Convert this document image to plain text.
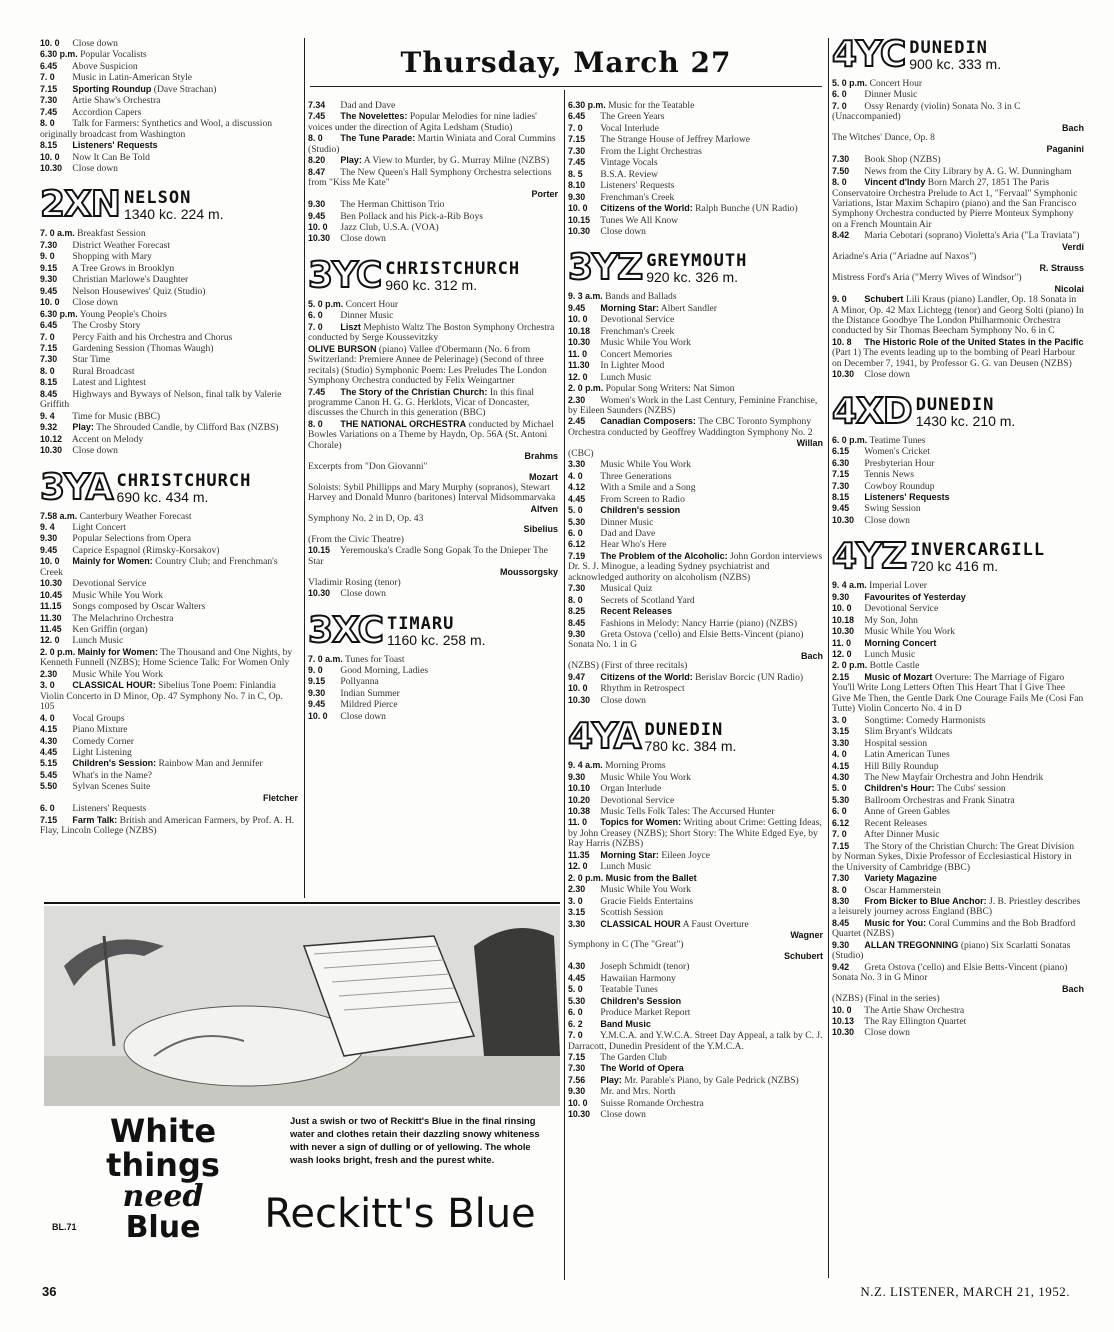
Thursday, March 27
10. 0 Close down
6.30 p.m. Popular Vocalists
6.45 Above Suspicion
7. 0 Music in Latin-American Style
7.15 Sporting Roundup (Dave Strachan)
7.30 Artie Shaw's Orchestra
7.45 Accordion Capers
8. 0 Talk for Farmers: Synthetics and Wool, a discussion originally broadcast from Washington
8.15 Listeners' Requests
10. 0 Now It Can Be Told
10.30 Close down
2XN NELSON
1340 kc. 224 m.
7. 0 a.m. Breakfast Session
7.30 District Weather Forecast
9. 0 Shopping with Mary
9.15 A Tree Grows in Brooklyn
9.30 Christian Marlowe's Daughter
9.45 Nelson Housewives' Quiz (Studio)
10. 0 Close down
6.30 p.m. Young People's Choirs
6.45 The Crosby Story
7. 0 Percy Faith and his Orchestra and Chorus
7.15 Gardening Session (Thomas Waugh)
7.30 Star Time
8. 0 Rural Broadcast
8.15 Latest and Lightest
8.45 Highways and Byways of Nelson, final talk by Valerie Griffith
9. 4 Time for Music (BBC)
9.32 Play: The Shrouded Candle, by Clifford Bax (NZBS)
10.12 Accent on Melody
10.30 Close down
3YA CHRISTCHURCH
690 kc. 434 m.
7.58 a.m. Canterbury Weather Forecast
9. 4 Light Concert
9.30 Popular Selections from Opera
9.45 Caprice Espagnol (Rimsky-Korsakov)
10. 0 Mainly for Women: Country Club; and Frenchman's Creek
10.30 Devotional Service
10.45 Music While You Work
11.15 Songs composed by Oscar Walters
11.30 The Melachrino Orchestra
11.45 Ken Griffin (organ)
12. 0 Lunch Music
2. 0 p.m. Mainly for Women: The Thousand and One Nights, by Kenneth Funnell (NZBS); Home Science Talk: For Women Only
2.30 Music While You Work
3. 0 CLASSICAL HOUR: Sibelius Tone Poem: Finlandia Violin Concerto in D Minor, Op. 47 Symphony No. 7 in C, Op. 105
4. 0 Vocal Groups
4.15 Piano Mixture
4.30 Comedy Corner
4.45 Light Listening
5.15 Children's Session: Rainbow Man and Jennifer
5.45 What's in the Name?
5.50 Sylvan Scenes Suite
Fletcher
6. 0 Listeners' Requests
7.15 Farm Talk: British and American Farmers, by Prof. A. H. Flay, Lincoln College (NZBS)
7.34 Dad and Dave
7.45 The Novelettes: Popular Melodies for nine ladies' voices under the direction of Agita Ledsham (Studio)
8. 0 The Tune Parade: Martin Winiata and Coral Cummins (Studio)
8.20 Play: A View to Murder, by G. Murray Milne (NZBS)
8.47 The New Queen's Hall Symphony Orchestra selections from "Kiss Me Kate"
Porter
9.30 The Herman Chittison Trio
9.45 Ben Pollack and his Pick-a-Rib Boys
10. 0 Jazz Club, U.S.A. (VOA)
10.30 Close down
3YC CHRISTCHURCH
960 kc. 312 m.
5. 0 p.m. Concert Hour
6. 0 Dinner Music
7. 0 Liszt Mephisto Waltz The Boston Symphony Orchestra conducted by Serge Koussevitzky
OLIVE BURSON (piano) Vallee d'Obermann (No. 6 from Switzerland: Premiere Annee de Pelerinage) (Second of three recitals) (Studio) Symphonic Poem: Les Preludes The London Symphony Orchestra conducted by Felix Weingartner
7.45 The Story of the Christian Church: In this final programme Canon H. G. G. Herklots, Vicar of Doncaster, discusses the Church in this generation (BBC)
8. 0 THE NATIONAL ORCHESTRA conducted by Michael Bowles Variations on a Theme by Haydn, Op. 56A (St. Antoni Chorale)
Brahms
Excerpts from "Don Giovanni"
Mozart
Soloists: Sybil Phillipps and Mary Murphy (sopranos), Stewart Harvey and Donald Munro (baritones) Interval Midsommarvaka
Alfven
Symphony No. 2 in D, Op. 43
Sibelius
(From the Civic Theatre)
10.15 Yeremouska's Cradle Song Gopak To the Dnieper The Star
Moussorgsky
Vladimir Rosing (tenor)
10.30 Close down
3XC TIMARU
1160 kc. 258 m.
7. 0 a.m. Tunes for Toast
9. 0 Good Morning, Ladies
9.15 Pollyanna
9.30 Indian Summer
9.45 Mildred Pierce
10. 0 Close down
6.30 p.m. Music for the Teatable
6.45 The Green Years
7. 0 Vocal Interlude
7.15 The Strange House of Jeffrey Marlowe
7.30 From the Light Orchestras
7.45 Vintage Vocals
8. 5 B.S.A. Review
8.10 Listeners' Requests
9.30 Frenchman's Creek
10. 0 Citizens of the World: Ralph Bunche (UN Radio)
10.15 Tunes We All Know
10.30 Close down
3YZ GREYMOUTH
920 kc. 326 m.
9. 3 a.m. Bands and Ballads
9.45 Morning Star: Albert Sandler
10. 0 Devotional Service
10.18 Frenchman's Creek
10.30 Music While You Work
11. 0 Concert Memories
11.30 In Lighter Mood
12. 0 Lunch Music
2. 0 p.m. Popular Song Writers: Nat Simon
2.30 Women's Work in the Last Century, Feminine Franchise, by Eileen Saunders (NZBS)
2.45 Canadian Composers: The CBC Toronto Symphony Orchestra conducted by Geoffrey Waddington Symphony No. 2
Willan
(CBC)
3.30 Music While You Work
4. 0 Three Generations
4.12 With a Smile and a Song
4.45 From Screen to Radio
5. 0 Children's session
5.30 Dinner Music
6. 0 Dad and Dave
6.12 Hear Who's Here
7.19 The Problem of the Alcoholic: John Gordon interviews Dr. S. J. Minogue, a leading Sydney psychiatrist and acknowledged authority on alcoholism (NZBS)
7.30 Musical Quiz
8. 0 Secrets of Scotland Yard
8.25 Recent Releases
8.45 Fashions in Melody: Nancy Harrie (piano) (NZBS)
9.30 Greta Ostova ('cello) and Elsie Betts-Vincent (piano) Sonata No. 1 in G
Bach
(NZBS) (First of three recitals)
9.47 Citizens of the World: Berislav Borcic (UN Radio)
10. 0 Rhythm in Retrospect
10.30 Close down
4YA DUNEDIN
780 kc. 384 m.
9. 4 a.m. Morning Proms
9.30 Music While You Work
10.10 Organ Interlude
10.20 Devotional Service
10.38 Music Tells Folk Tales: The Accursed Hunter
11. 0 Topics for Women: Writing about Crime: Getting Ideas, by John Creasey (NZBS); Short Story: The White Edged Eye, by Ray Harris (NZBS)
11.35 Morning Star: Eileen Joyce
12. 0 Lunch Music
2. 0 p.m. Music from the Ballet
2.30 Music While You Work
3. 0 Gracie Fields Entertains
3.15 Scottish Session
3.30 CLASSICAL HOUR A Faust Overture
Wagner
Symphony in C (The "Great")
Schubert
4.30 Joseph Schmidt (tenor)
4.45 Hawaiian Harmony
5. 0 Teatable Tunes
5.30 Children's Session
6. 0 Produce Market Report
6. 2 Band Music
7. 0 Y.M.C.A. and Y.W.C.A. Street Day Appeal, a talk by C. J. Darracott, Dunedin President of the Y.M.C.A.
7.15 The Garden Club
7.30 The World of Opera
7.56 Play: Mr. Parable's Piano, by Gale Pedrick (NZBS)
9.30 Mr. and Mrs. North
10. 0 Suisse Romande Orchestra
10.30 Close down
4YC DUNEDIN
900 kc. 333 m.
5. 0 p.m. Concert Hour
6. 0 Dinner Music
7. 0 Ossy Renardy (violin) Sonata No. 3 in C (Unaccompanied)
Bach
The Witches' Dance, Op. 8
Paganini
7.30 Book Shop (NZBS)
7.50 News from the City Library by A. G. W. Dunningham
8. 0 Vincent d'Indy Born March 27, 1851 The Paris Conservatoire Orchestra Prelude to Act 1, "Fervaal" Symphonic Variations, Istar Maxim Schapiro (piano) and the San Francisco Symphony Orchestra conducted by Pierre Monteux Symphony on a French Mountain Air
8.42 Maria Cebotari (soprano) Violetta's Aria ("La Traviata")
Verdi
Ariadne's Aria ("Ariadne auf Naxos")
R. Strauss
Mistress Ford's Aria ("Merry Wives of Windsor")
Nicolai
9. 0 Schubert Lili Kraus (piano) Landler, Op. 18 Sonata in A Minor, Op. 42 Max Lichtegg (tenor) and Georg Solti (piano) In the Distance Goodbye The London Philharmonic Orchestra conducted by Sir Thomas Beecham Symphony No. 6 in C
10. 8 The Historic Role of the United States in the Pacific (Part 1) The events leading up to the bombing of Pearl Harbour on December 7, 1941, by Professor G. G. van Deusen (NZBS)
10.30 Close down
4XD DUNEDIN
1430 kc. 210 m.
6. 0 p.m. Teatime Tunes
6.15 Women's Cricket
6.30 Presbyterian Hour
7.15 Tennis News
7.30 Cowboy Roundup
8.15 Listeners' Requests
9.45 Swing Session
10.30 Close down
4YZ INVERCARGILL
720 kc 416 m.
9. 4 a.m. Imperial Lover
9.30 Favourites of Yesterday
10. 0 Devotional Service
10.18 My Son, John
10.30 Music While You Work
11. 0 Morning Concert
12. 0 Lunch Music
2. 0 p.m. Bottle Castle
2.15 Music of Mozart Overture: The Marriage of Figaro You'll Write Long Letters Often This Heart That I Give Thee Give Me Then, the Gentle Dark One Courage Fails Me (Cosi Fan Tutte) Violin Concerto No. 4 in D
3. 0 Songtime: Comedy Harmonists
3.15 Slim Bryant's Wildcats
3.30 Hospital session
4. 0 Latin American Tunes
4.15 Hill Billy Roundup
4.30 The New Mayfair Orchestra and John Hendrik
5. 0 Children's Hour: The Cubs' session
5.30 Ballroom Orchestras and Frank Sinatra
6. 0 Anne of Green Gables
6.12 Recent Releases
7. 0 After Dinner Music
7.15 The Story of the Christian Church: The Great Division by Norman Sykes, Dixie Professor of Ecclesiastical History in the University of Cambridge (BBC)
7.30 Variety Magazine
8. 0 Oscar Hammerstein
8.30 From Bicker to Blue Anchor: J. B. Priestley describes a leisurely journey across England (BBC)
8.45 Music for You: Coral Cummins and the Bob Bradford Quartet (NZBS)
9.30 ALLAN TREGONNING (piano) Six Scarlatti Sonatas (Studio)
9.42 Greta Ostova ('cello) and Elsie Betts-Vincent (piano) Sonata No. 3 in G Minor
Bach
(NZBS) (Final in the series)
10. 0 The Artie Shaw Orchestra
10.13 The Ray Ellington Quartet
10.30 Close down
White things
need
Blue
Just a swish or two of Reckitt's Blue in the final rinsing water and clothes retain their dazzling snowy whiteness with never a sign of dulling or of yellowing. The whole wash looks bright, fresh and the purest white.
Reckitt's Blue
BL.71
36	N.Z. LISTENER, MARCH 21, 1952.
